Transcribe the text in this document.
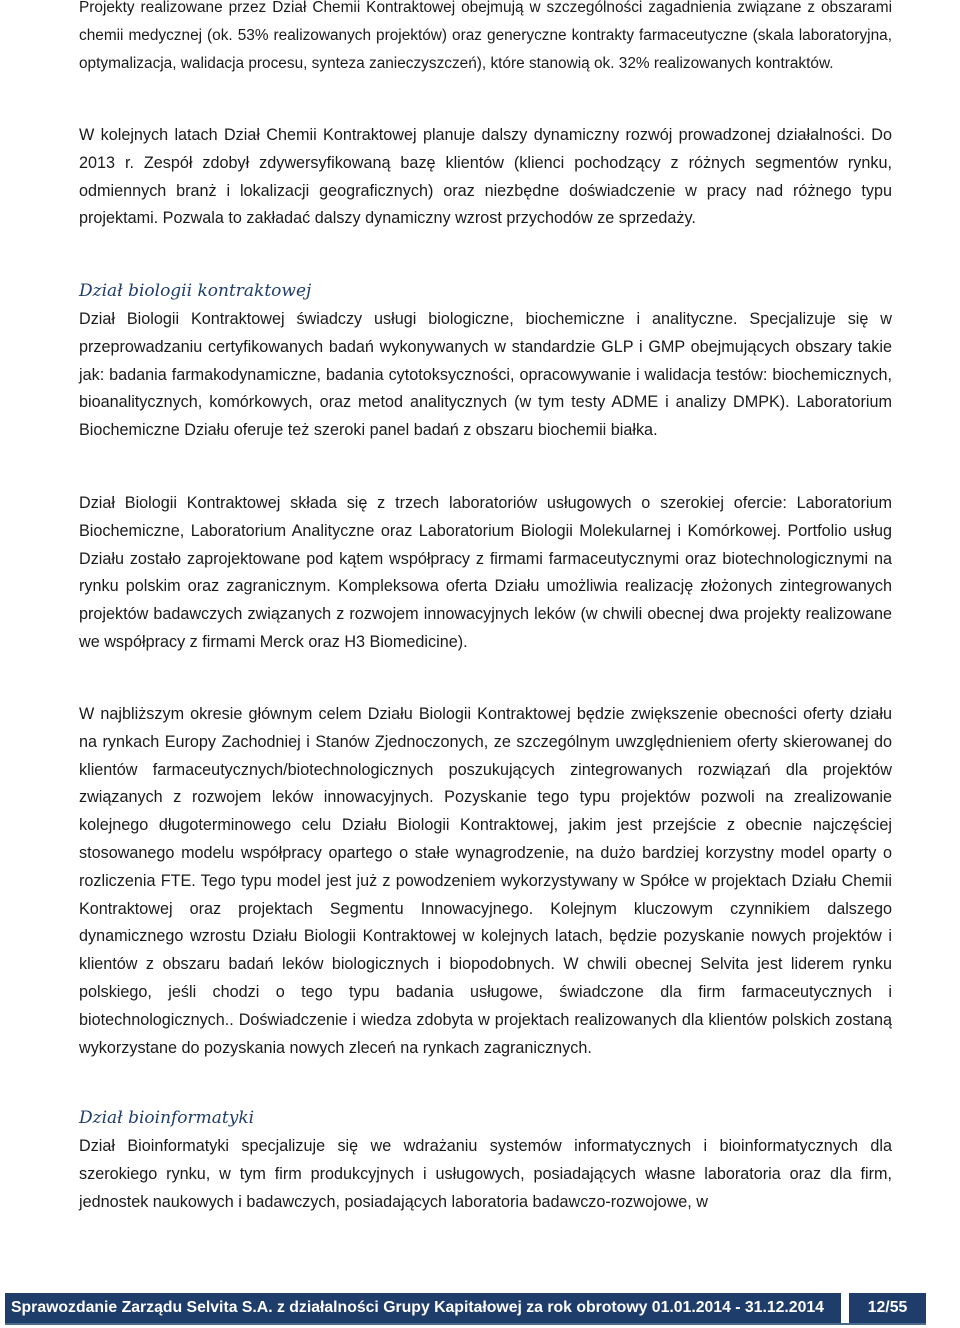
Projekty realizowane przez Dział Chemii Kontraktowej obejmują w szczególności zagadnienia związane z obszarami chemii medycznej (ok. 53% realizowanych projektów) oraz generyczne kontrakty farmaceutyczne (skala laboratoryjna, optymalizacja, walidacja procesu, synteza zanieczyszczeń), które stanowią ok. 32% realizowanych kontraktów.

W kolejnych latach Dział Chemii Kontraktowej planuje dalszy dynamiczny rozwój prowadzonej działalności. Do 2013 r. Zespół zdobył zdywersyfikowaną bazę klientów (klienci pochodzący z różnych segmentów rynku, odmiennych branż i lokalizacji geograficznych) oraz niezbędne doświadczenie w pracy nad różnego typu projektami. Pozwala to zakładać dalszy dynamiczny wzrost przychodów ze sprzedaży.

Dział biologii kontraktowej

Dział Biologii Kontraktowej świadczy usługi biologiczne, biochemiczne i analityczne. Specjalizuje się w przeprowadzaniu certyfikowanych badań wykonywanych w standardzie GLP i GMP obejmujących obszary takie jak: badania farmakodynamiczne, badania cytotoksyczności, opracowywanie i walidacja testów: biochemicznych, bioanalitycznych, komórkowych, oraz metod analitycznych (w tym testy ADME i analizy DMPK). Laboratorium Biochemiczne Działu oferuje też szeroki panel badań z obszaru biochemii białka.

Dział Biologii Kontraktowej składa się z trzech laboratoriów usługowych o szerokiej ofercie: Laboratorium Biochemiczne, Laboratorium Analityczne oraz Laboratorium Biologii Molekularnej i Komórkowej. Portfolio usług Działu zostało zaprojektowane pod kątem współpracy z firmami farmaceutycznymi oraz biotechnologicznymi na rynku polskim oraz zagranicznym. Kompleksowa oferta Działu umożliwia realizację złożonych zintegrowanych projektów badawczych związanych z rozwojem innowacyjnych leków (w chwili obecnej dwa projekty realizowane we współpracy z firmami Merck oraz H3 Biomedicine).

W najbliższym okresie głównym celem Działu Biologii Kontraktowej będzie zwiększenie obecności oferty działu na rynkach Europy Zachodniej i Stanów Zjednoczonych, ze szczególnym uwzględnieniem oferty skierowanej do klientów farmaceutycznych/biotechnologicznych poszukujących zintegrowanych rozwiązań dla projektów związanych z rozwojem leków innowacyjnych. Pozyskanie tego typu projektów pozwoli na zrealizowanie kolejnego długoterminowego celu Działu Biologii Kontraktowej, jakim jest przejście z obecnie najczęściej stosowanego modelu współpracy opartego o stałe wynagrodzenie, na dużo bardziej korzystny model oparty o rozliczenia FTE. Tego typu model jest już z powodzeniem wykorzystywany w Spółce w projektach Działu Chemii Kontraktowej oraz projektach Segmentu Innowacyjnego. Kolejnym kluczowym czynnikiem dalszego dynamicznego wzrostu Działu Biologii Kontraktowej w kolejnych latach, będzie pozyskanie nowych projektów i klientów z obszaru badań leków biologicznych i biopodobnych. W chwili obecnej Selvita jest liderem rynku polskiego, jeśli chodzi o tego typu badania usługowe, świadczone dla firm farmaceutycznych i biotechnologicznych.. Doświadczenie i wiedza zdobyta w projektach realizowanych dla klientów polskich zostaną wykorzystane do pozyskania nowych zleceń na rynkach zagranicznych.

Dział bioinformatyki

Dział Bioinformatyki specjalizuje się we wdrażaniu systemów informatycznych i bioinformatycznych dla szerokiego rynku, w tym firm produkcyjnych i usługowych, posiadających własne laboratoria oraz dla firm, jednostek naukowych i badawczych, posiadających laboratoria badawczo-rozwojowe, w

Sprawozdanie Zarządu Selvita S.A. z działalności Grupy Kapitałowej za rok obrotowy 01.01.2014 - 31.12.2014	12/55
